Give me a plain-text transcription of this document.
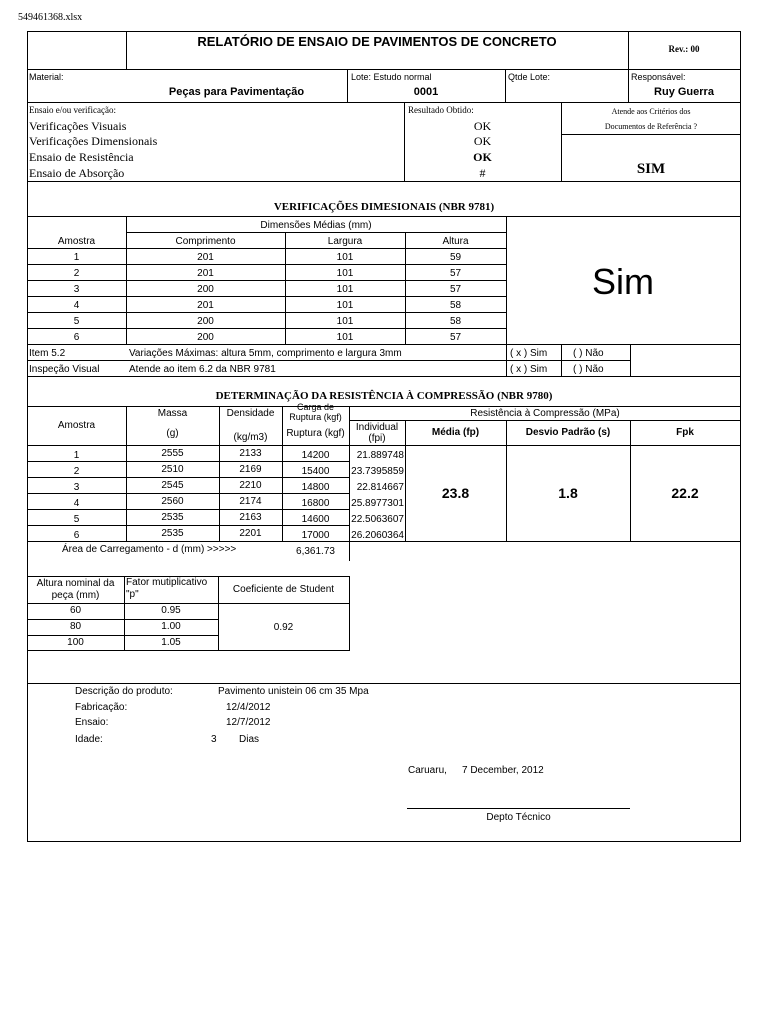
549461368.xlsx
RELATÓRIO DE ENSAIO DE PAVIMENTOS DE CONCRETO	Rev.: 00
Material:
Peças para Pavimentação
Lote: Estudo normal
0001
Qtde Lote:	Responsável:
Ruy Guerra
Ensaio e/ou verificação:	Resultado Obtido:	Atende aos Critérios dos
Documentos de Referência ?
SIM
Verificações Visuais	OK
Verificações Dimensionais	OK
Ensaio de Resistência	OK
Ensaio de Absorção	#
VERIFICAÇÕES DIMESIONAIS (NBR 9781)
Dimensões Médias (mm)
Amostra	Comprimento	Largura	Altura
1	201	101	59
2	201	101	57
3	200	101	57
4	201	101	58
5	200	101	58
6	200	101	57
Sim
Item 5.2	Variações Máximas: altura 5mm, comprimento e largura 3mm	( x ) Sim	( ) Não
Inspeção Visual	Atende ao item 6.2 da NBR 9781	( x ) Sim	( ) Não
DETERMINAÇÃO DA RESISTÊNCIA À COMPRESSÃO (NBR 9780)
Amostra
Massa
(g)
Densidade
(kg/m3)
Carga de
Ruptura (kgf)
Ruptura (kgf)
Resistência à Compressão (MPa)
Individual
(fpi)
Média (fp)	Desvio Padrão (s)	Fpk
1	2555	2133	14200	21.889748
2	2510	2169	15400	23.7395859
3	2545	2210	14800	22.814667
4	2560	2174	16800	25.8977301
5	2535	2163	14600	22.5063607
6	2535	2201	17000	26.2060364
23.8	1.8	22.2
Área de Carregamento - d (mm) >>>>>	6,361.73
Altura nominal da
peça (mm)
Fator mutiplicativo
"p"	Coeficiente de Student
60	0.95
80	1.00
100	1.05
0.92
Descrição do produto:	Pavimento unistein 06 cm 35 Mpa
Fabricação:	12/4/2012
Ensaio:	12/7/2012
Idade:	3 Dias
Caruaru, 7 December, 2012
Depto Técnico
